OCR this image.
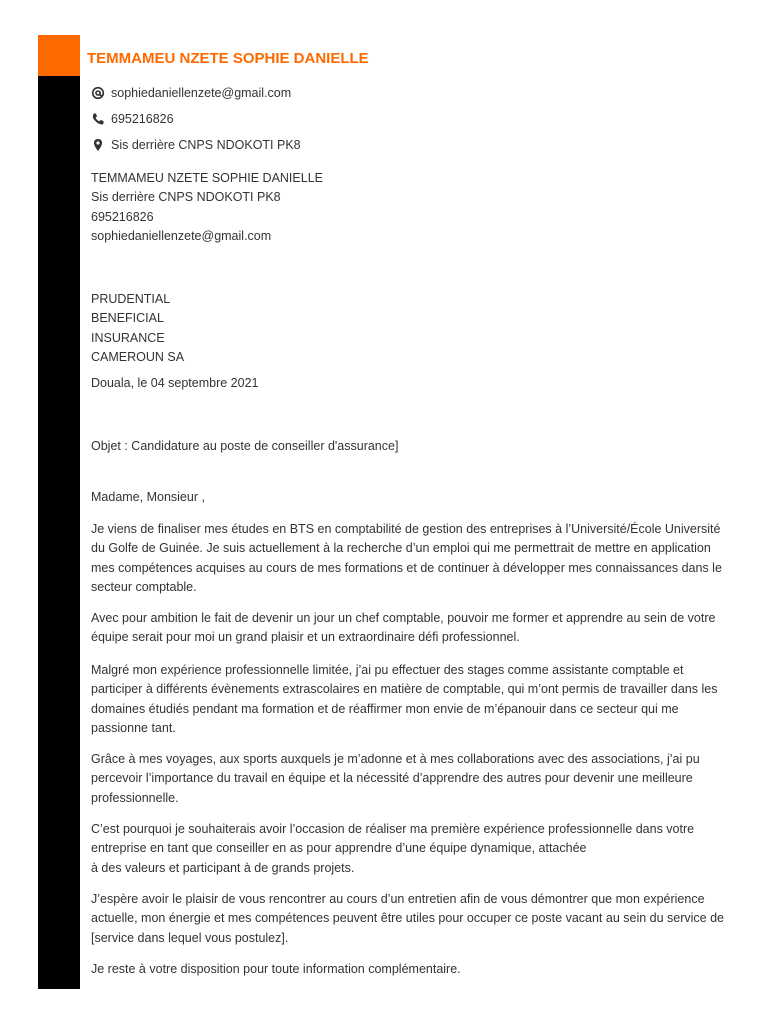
TEMMAMEU NZETE SOPHIE DANIELLE
sophiedaniellenzete@gmail.com
695216826
Sis derrière CNPS NDOKOTI PK8
TEMMAMEU NZETE SOPHIE DANIELLE
Sis derrière CNPS NDOKOTI PK8
695216826
sophiedaniellenzete@gmail.com
PRUDENTIAL
BENEFICIAL
INSURANCE
CAMEROUN SA
Douala, le 04 septembre 2021
Objet : Candidature au poste de conseiller d'assurance]
Madame, Monsieur ,
Je viens de finaliser mes études en BTS en comptabilité de gestion des entreprises à l’Université/École Université du Golfe de Guinée. Je suis actuellement à la recherche d’un emploi qui me permettrait de mettre en application mes compétences acquises au cours de mes formations et de continuer à développer mes connaissances dans le secteur comptable.
Avec pour ambition le fait de devenir un jour un chef comptable, pouvoir me former et apprendre au sein de votre équipe serait pour moi un grand plaisir et un extraordinaire défi professionnel.
Malgré mon expérience professionnelle limitée, j’ai pu effectuer des stages comme assistante comptable et participer à différents évènements extrascolaires en matière de comptable, qui m’ont permis de travailler dans les domaines étudiés pendant ma formation et de réaffirmer mon envie de m’épanouir dans ce secteur qui me passionne tant.
Grâce à mes voyages, aux sports auxquels je m’adonne et à mes collaborations avec des associations, j’ai pu percevoir l’importance du travail en équipe et la nécessité d’apprendre des autres pour devenir une meilleure professionnelle.
C’est pourquoi je souhaiterais avoir l’occasion de réaliser ma première expérience professionnelle dans votre entreprise en tant que conseiller en as pour apprendre d’une équipe dynamique, attachée
à des valeurs et participant à de grands projets.
J’espère avoir le plaisir de vous rencontrer au cours d’un entretien afin de vous démontrer que mon expérience actuelle, mon énergie et mes compétences peuvent être utiles pour occuper ce poste vacant au sein du service de [service dans lequel vous postulez].
Je reste à votre disposition pour toute information complémentaire.
